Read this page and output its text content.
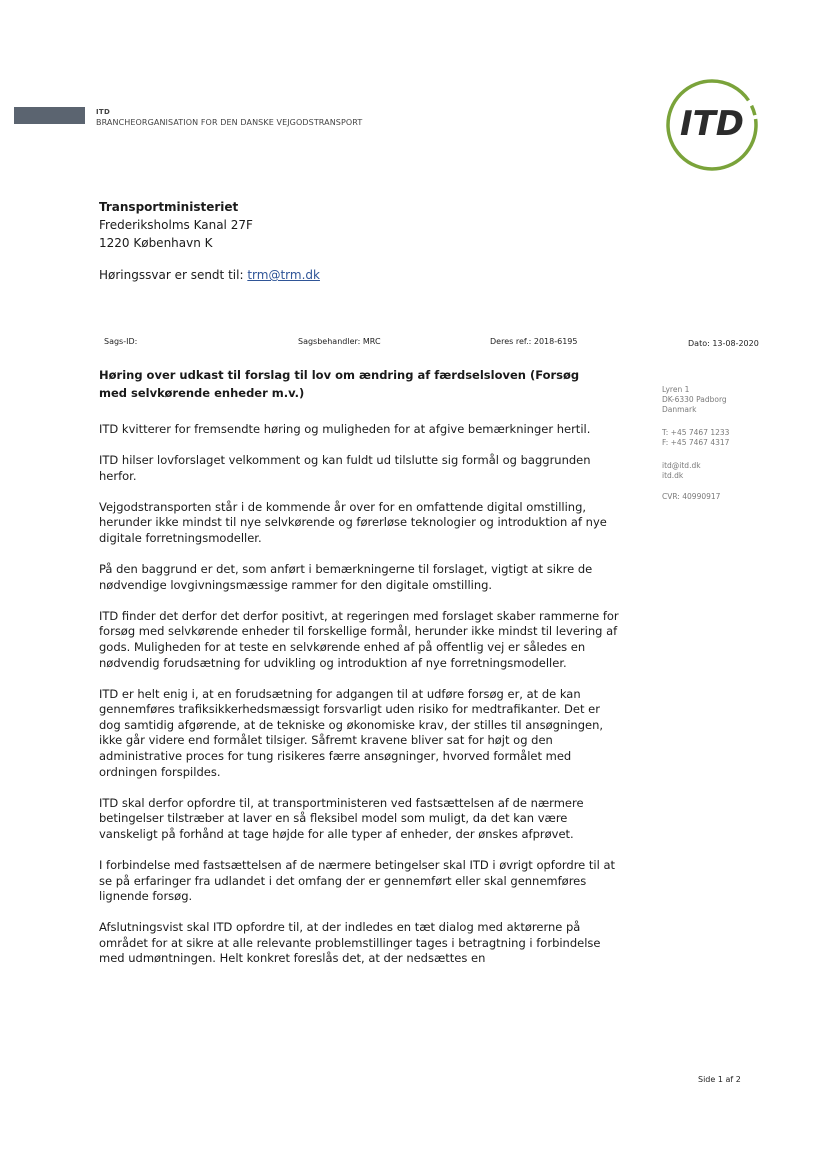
ITD
BRANCHEORGANISATION FOR DEN DANSKE VEJGODSTRANSPORT	ITD
Transportministeriet
Frederiksholms Kanal 27F
1220 København K
Høringssvar er sendt til: trm@trm.dk
Sags-ID:	Sagsbehandler: MRC	Deres ref.: 2018-6195	Dato: 13-08-2020
Høring over udkast til forslag til lov om ændring af færdselsloven (Forsøg med selvkørende enheder m.v.)	Lyren 1
DK-6330 Padborg
Danmark
T: +45 7467 1233
F: +45 7467 4317
itd@itd.dk
itd.dk
CVR: 40990917

ITD kvitterer for fremsendte høring og muligheden for at afgive bemærkninger hertil.

ITD hilser lovforslaget velkomment og kan fuldt ud tilslutte sig formål og baggrunden herfor.

Vejgodstransporten står i de kommende år over for en omfattende digital omstilling, herunder ikke mindst til nye selvkørende og førerløse teknologier og introduktion af nye digitale forretningsmodeller.

På den baggrund er det, som anført i bemærkningerne til forslaget, vigtigt at sikre de nødvendige lovgivningsmæssige rammer for den digitale omstilling.

ITD finder det derfor det derfor positivt, at regeringen med forslaget skaber rammerne for forsøg med selvkørende enheder til forskellige formål, herunder ikke mindst til levering af gods. Muligheden for at teste en selvkørende enhed af på offentlig vej er således en nødvendig forudsætning for udvikling og introduktion af nye forretningsmodeller.

ITD er helt enig i, at en forudsætning for adgangen til at udføre forsøg er, at de kan gennemføres trafiksikkerhedsmæssigt forsvarligt uden risiko for medtrafikanter. Det er dog samtidig afgørende, at de tekniske og økonomiske krav, der stilles til ansøgningen, ikke går videre end formålet tilsiger. Såfremt kravene bliver sat for højt og den administrative proces for tung risikeres færre ansøgninger, hvorved formålet med ordningen forspildes.

ITD skal derfor opfordre til, at transportministeren ved fastsættelsen af de nærmere betingelser tilstræber at laver en så fleksibel model som muligt, da det kan være vanskeligt på forhånd at tage højde for alle typer af enheder, der ønskes afprøvet.

I forbindelse med fastsættelsen af de nærmere betingelser skal ITD i øvrigt opfordre til at se på erfaringer fra udlandet i det omfang der er gennemført eller skal gennemføres lignende forsøg.

Afslutningsvist skal ITD opfordre til, at der indledes en tæt dialog med aktørerne på området for at sikre at alle relevante problemstillinger tages i betragtning i forbindelse med udmøntningen. Helt konkret foreslås det, at der nedsættes en

Side 1 af 2
